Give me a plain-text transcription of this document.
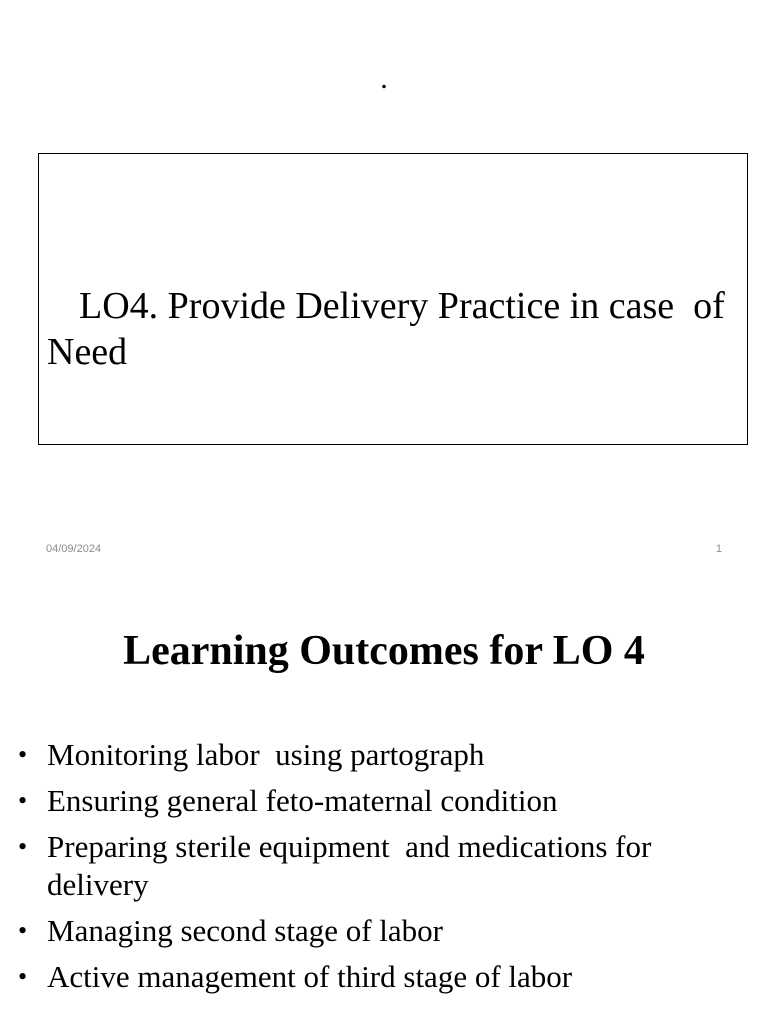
.

LO4. Provide Delivery Practice in case  of Need

04/09/2024	1
Learning Outcomes for LO 4
• Monitoring labor  using partograph
• Ensuring general feto-maternal condition
• Preparing sterile equipment  and medications for delivery
• Managing second stage of labor
• Active management of third stage of labor
